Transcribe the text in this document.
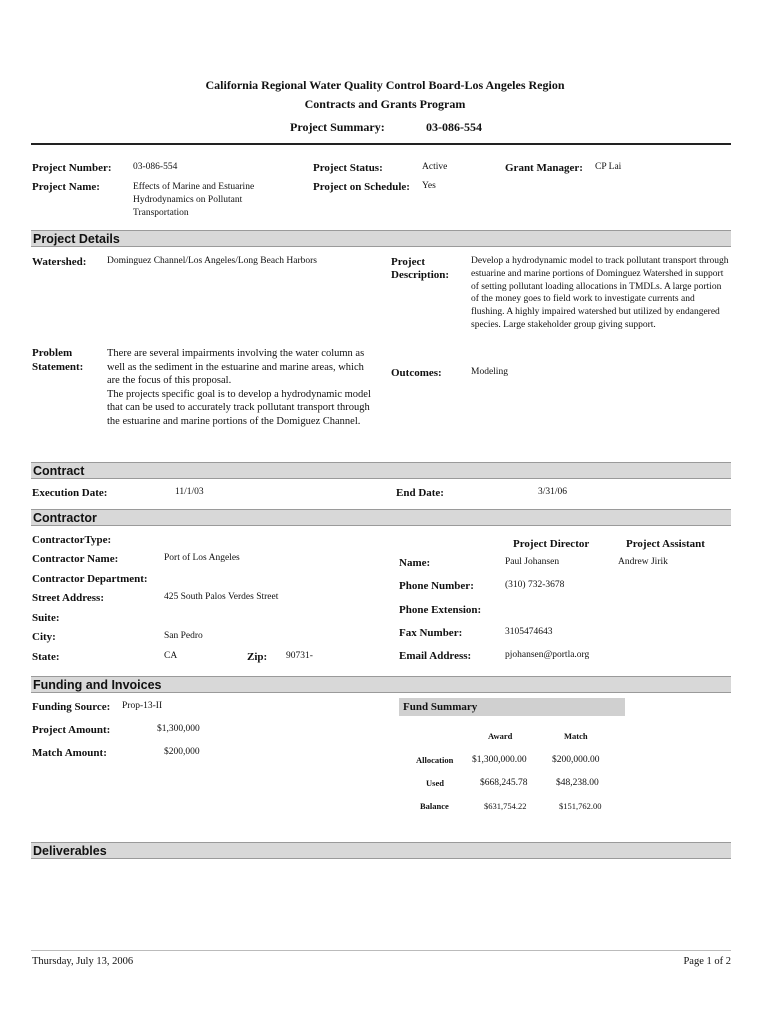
California Regional Water Quality Control Board-Los Angeles Region
Contracts and Grants Program
Project Summary:	03-086-554
Project Number: 03-086-554	Project Status:	Active	Grant Manager: CP Lai
Project Name:	Effects of Marine and Estuarine Hydrodynamics on Pollutant Transportation
Project on Schedule: Yes
Project Details
Watershed: Dominguez Channel/Los Angeles/Long Beach Harbors	Project
Description:
Develop a hydrodynamic model to track pollutant transport through estuarine and marine portions of Dominguez Watershed in support of setting pollutant loading allocations in TMDLs. A large portion of the money goes to field work to investigate currents and flushing. A highly impaired watershed but utilized by endangered species. Large stakeholder group giving support.
Problem
Statement:
There are several impairments involving the water column as well as the sediment in the estuarine and marine areas, which are the focus of this proposal.
The projects specific goal is to develop a hydrodynamic model that can be used to accurately track pollutant transport through the estuarine and marine portions of the Domiguez Channel.
Outcomes:	Modeling
Contract
Execution Date:	11/1/03	End Date:	3/31/06
Contractor
ContractorType:
Contractor Name:	Port of Los Angeles
Contractor Department:
Street Address:	425 South Palos Verdes Street
Suite:
City:	San Pedro
State:	CA	Zip: 90731-
Project Director	Project Assistant
Name:	Paul Johansen	Andrew Jirik
Phone Number:	(310) 732-3678
Phone Extension:
Fax Number:	3105474643
Email Address:	pjohansen@portla.org
Funding and Invoices
Funding Source: Prop-13-II
Project Amount:	$1,300,000
Match Amount:	$200,000
Fund Summary
Award	Match
Allocation $1,300,000.00	$200,000.00
Used	$668,245.78	$48,238.00
Balance	$631,754.22	$151,762.00
Deliverables
Thursday, July 13, 2006	Page 1 of 2
